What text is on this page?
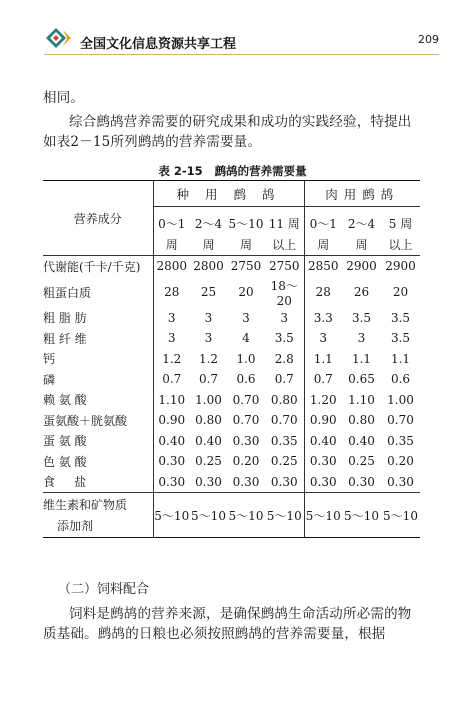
全国文化信息资源共享工程	209
相同。
综合鹧鸪营养需要的研究成果和成功的实践经验，特提出如表2－15所列鹧鸪的营养需要量。
表 2-15 鹧鸪的营养需要量
营养成分	种 用 鹧 鸪				肉用鹧鸪		
	0～1	2～4	5～10	11 周	0～1	2～4	5 周
	周	周	周	以上	周	周	以上
代谢能(千卡/千克)	2800	2800	2750	2750	2850	2900	2900
粗蛋白质	28	25	20	18～20	28	26	20
粗 脂 肪	3	3	3	3	3.3	3.5	3.5
粗 纤 维	3	3	4	3.5	3	3	3.5
钙	1.2	1.2	1.0	2.8	1.1	1.1	1.1
磷	0.7	0.7	0.6	0.7	0.7	0.65	0.6
赖 氨 酸	1.10	1.00	0.70	0.80	1.20	1.10	1.00
蛋氨酸＋胱氨酸	0.90	0.80	0.70	0.70	0.90	0.80	0.70
蛋 氨 酸	0.40	0.40	0.30	0.35	0.40	0.40	0.35
色 氨 酸	0.30	0.25	0.20	0.25	0.30	0.25	0.20
食     盐	0.30	0.30	0.30	0.30	0.30	0.30	0.30

维生素和矿物质
添加剂	5～10	5～10	5～10	5～10	5～10	5～10	5～10
（二）饲料配合
饲料是鹧鸪的营养来源，是确保鹧鸪生命活动所必需的物质基础。鹧鸪的日粮也必须按照鹧鸪的营养需要量，根据
